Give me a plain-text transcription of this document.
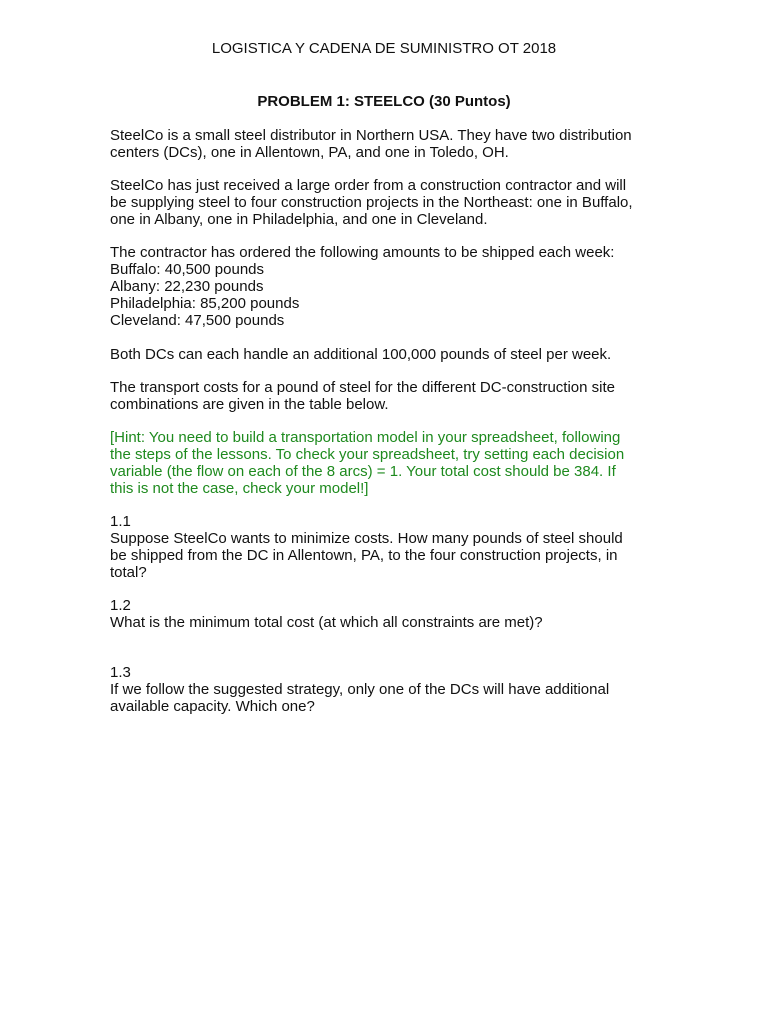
LOGISTICA Y CADENA DE SUMINISTRO OT 2018
PROBLEM 1: STEELCO (30 Puntos)
SteelCo is a small steel distributor in Northern USA. They have two distribution
centers (DCs), one in Allentown, PA, and one in Toledo, OH.
SteelCo has just received a large order from a construction contractor and will
be supplying steel to four construction projects in the Northeast: one in Buffalo,
one in Albany, one in Philadelphia, and one in Cleveland.
The contractor has ordered the following amounts to be shipped each week:
Buffalo: 40,500 pounds
Albany: 22,230 pounds
Philadelphia: 85,200 pounds
Cleveland: 47,500 pounds
Both DCs can each handle an additional 100,000 pounds of steel per week.
The transport costs for a pound of steel for the different DC-construction site
combinations are given in the table below.
[Hint: You need to build a transportation model in your spreadsheet, following
the steps of the lessons. To check your spreadsheet, try setting each decision
variable (the flow on each of the 8 arcs) = 1. Your total cost should be 384. If
this is not the case, check your model!]
1.1
Suppose SteelCo wants to minimize costs. How many pounds of steel should
be shipped from the DC in Allentown, PA, to the four construction projects, in
total?
1.2
What is the minimum total cost (at which all constraints are met)?
1.3
If we follow the suggested strategy, only one of the DCs will have additional
available capacity. Which one?
